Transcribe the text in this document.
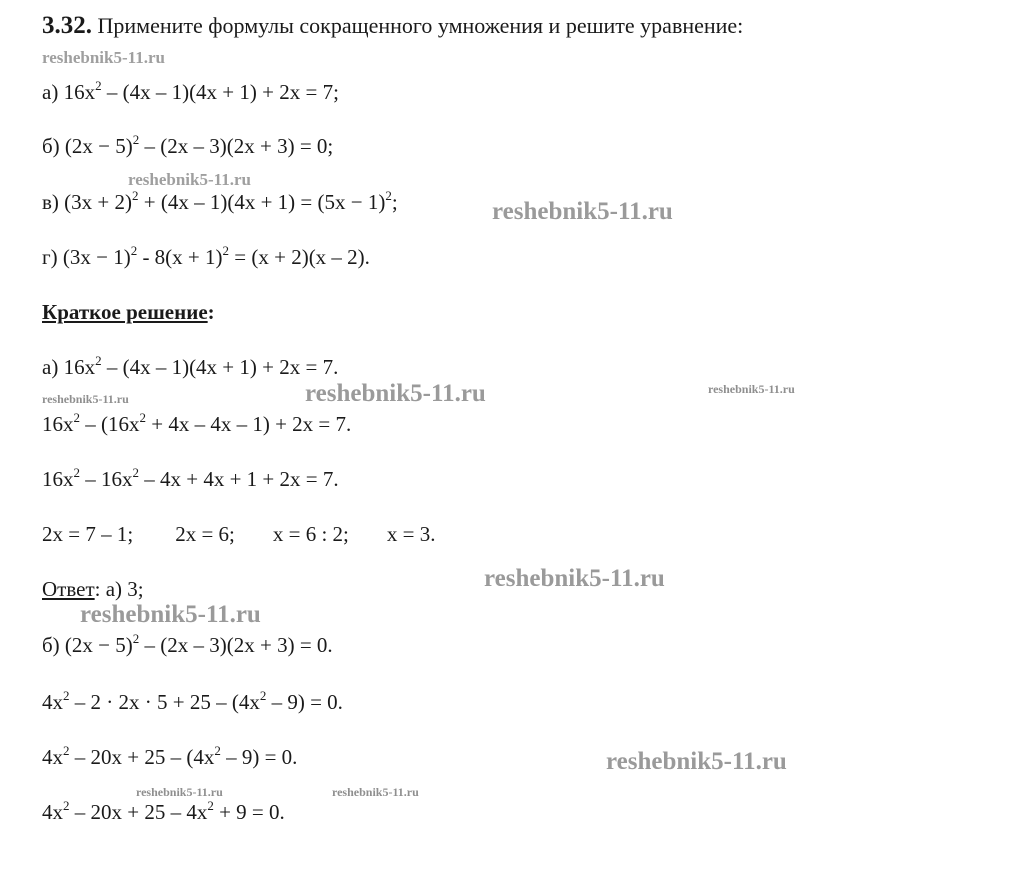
3.32. Примените формулы сокращенного умножения и решите уравнение:
а) $16x^2 - (4x - 1)(4x + 1) + 2x = 7$;
б) $(2x - 5)^2 - (2x - 3)(2x + 3) = 0$;
в) $(3x + 2)^2 + (4x - 1)(4x + 1) = (5x - 1)^2$;
г) $(3x - 1)^2 - 8(x + 1)^2 = (x + 2)(x - 2)$.
Краткое решение:
а) $16x^2 - (4x - 1)(4x + 1) + 2x = 7$.
$16x^2 - (16x^2 + 4x - 4x - 1) + 2x = 7$.
$16x^2 - 16x^2 - 4x + 4x + 1 + 2x = 7$.
2x = 7 – 1; 2x = 6; x = 6 : 2; x = 3.
Ответ: а) 3;
б) $(2x - 5)^2 - (2x - 3)(2x + 3) = 0$.
$4x^2 - 2 \cdot 2x \cdot 5 + 25 - (4x^2 - 9) = 0$.
$4x^2 - 20x + 25 - (4x^2 - 9) = 0$.
$4x^2 - 20x + 25 - 4x^2 + 9 = 0$.
reshebnik5-11.ru
reshebnik5-11.ru
reshebnik5-11.ru
reshebnik5-11.ru	reshebnik5-11.ru	reshebnik5-11.ru
reshebnik5-11.ru
reshebnik5-11.ru
reshebnik5-11.ru
reshebnik5-11.ru	reshebnik5-11.ru
